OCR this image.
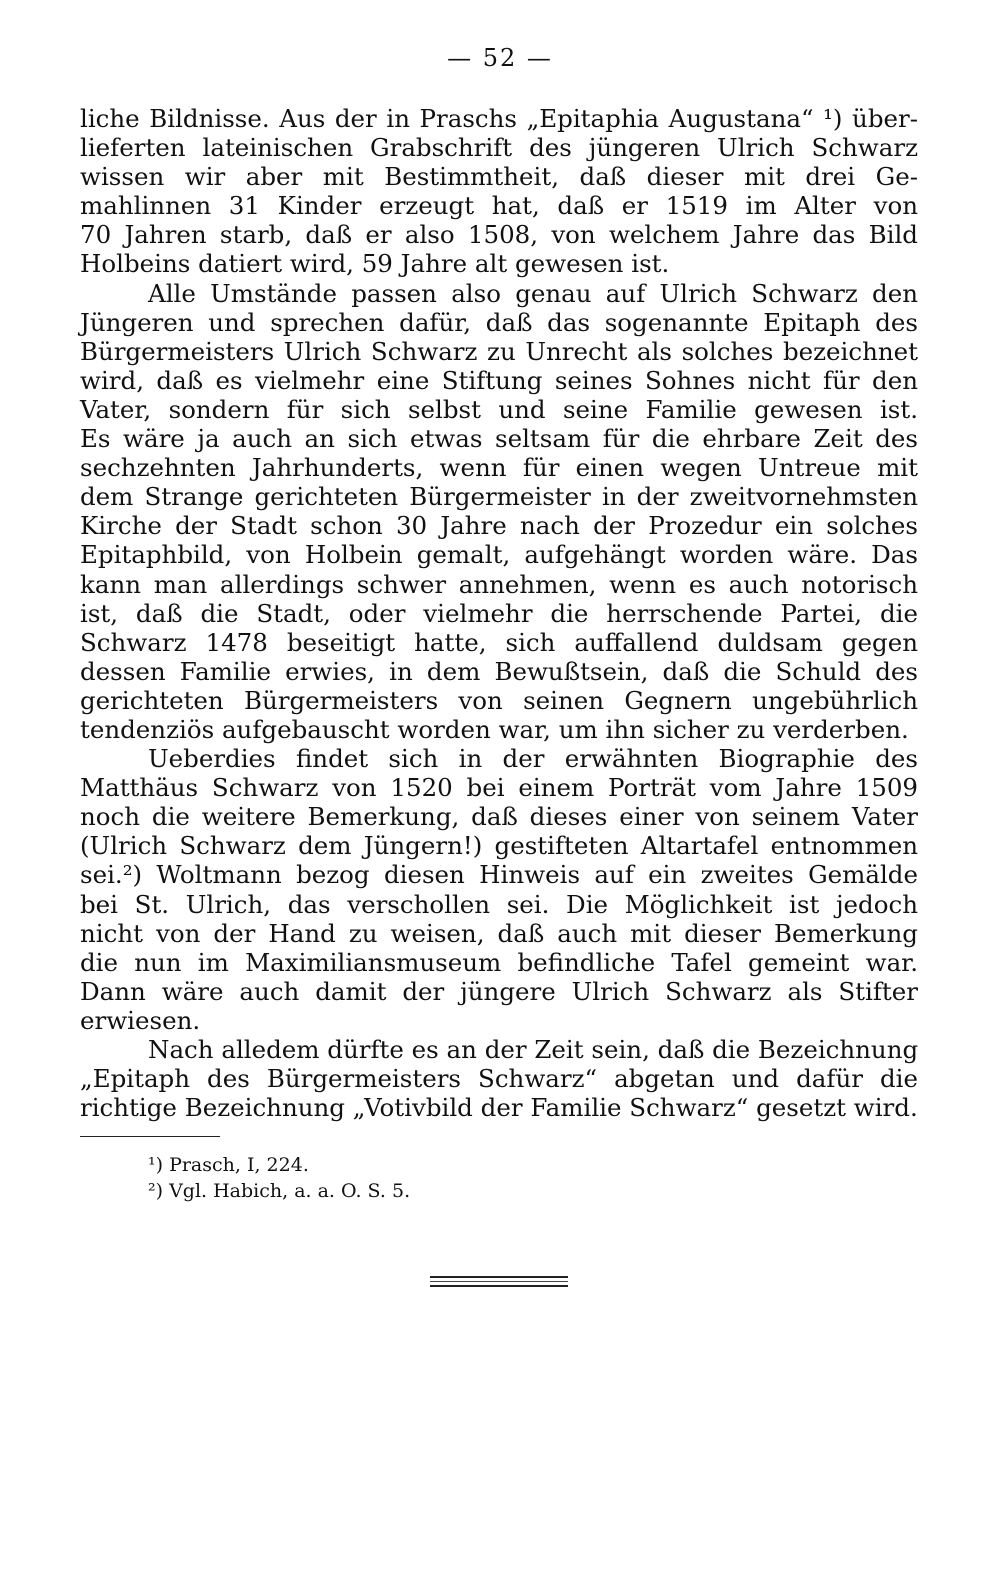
— 52 —
liche Bildnisse. Aus der in Praschs „Epitaphia Augustana“ ¹) über-
lieferten lateinischen Grabschrift des jüngeren Ulrich Schwarz
wissen wir aber mit Bestimmtheit, daß dieser mit drei Ge-
mahlinnen 31 Kinder erzeugt hat, daß er 1519 im Alter von
70 Jahren starb, daß er also 1508, von welchem Jahre das Bild
Holbeins datiert wird, 59 Jahre alt gewesen ist.
Alle Umstände passen also genau auf Ulrich Schwarz den
Jüngeren und sprechen dafür, daß das sogenannte Epitaph des
Bürgermeisters Ulrich Schwarz zu Unrecht als solches bezeichnet
wird, daß es vielmehr eine Stiftung seines Sohnes nicht für den
Vater, sondern für sich selbst und seine Familie gewesen ist.
Es wäre ja auch an sich etwas seltsam für die ehrbare Zeit des
sechzehnten Jahrhunderts, wenn für einen wegen Untreue mit
dem Strange gerichteten Bürgermeister in der zweitvornehmsten
Kirche der Stadt schon 30 Jahre nach der Prozedur ein solches
Epitaphbild, von Holbein gemalt, aufgehängt worden wäre. Das
kann man allerdings schwer annehmen, wenn es auch notorisch
ist, daß die Stadt, oder vielmehr die herrschende Partei, die
Schwarz 1478 beseitigt hatte, sich auffallend duldsam gegen
dessen Familie erwies, in dem Bewußtsein, daß die Schuld des
gerichteten Bürgermeisters von seinen Gegnern ungebührlich
tendenziös aufgebauscht worden war, um ihn sicher zu verderben.
Ueberdies findet sich in der erwähnten Biographie des
Matthäus Schwarz von 1520 bei einem Porträt vom Jahre 1509
noch die weitere Bemerkung, daß dieses einer von seinem Vater
(Ulrich Schwarz dem Jüngern!) gestifteten Altartafel entnommen
sei.²) Woltmann bezog diesen Hinweis auf ein zweites Gemälde
bei St. Ulrich, das verschollen sei. Die Möglichkeit ist jedoch
nicht von der Hand zu weisen, daß auch mit dieser Bemerkung
die nun im Maximiliansmuseum befindliche Tafel gemeint war.
Dann wäre auch damit der jüngere Ulrich Schwarz als Stifter
erwiesen.
Nach alledem dürfte es an der Zeit sein, daß die Bezeichnung
„Epitaph des Bürgermeisters Schwarz“ abgetan und dafür die
richtige Bezeichnung „Votivbild der Familie Schwarz“ gesetzt wird.
¹) Prasch, I, 224.
²) Vgl. Habich, a. a. O. S. 5.
